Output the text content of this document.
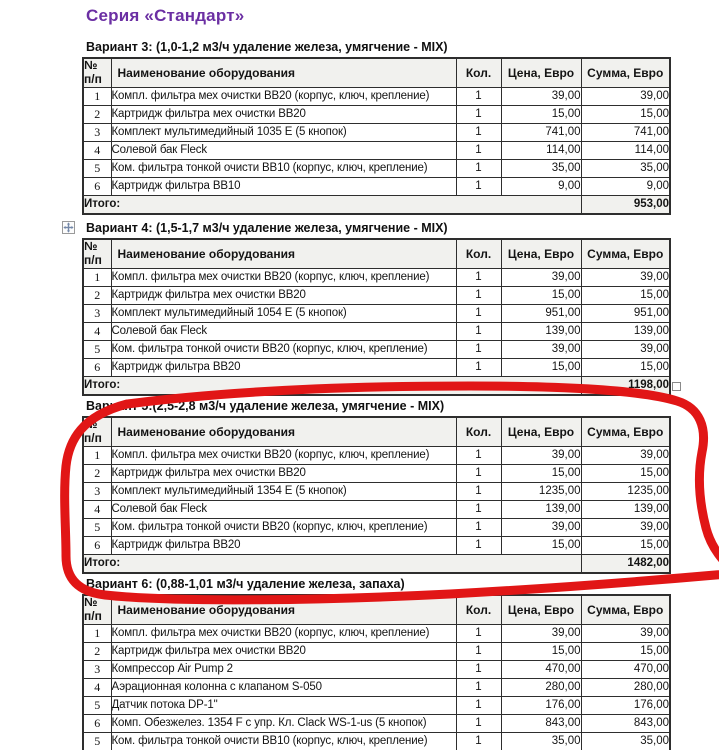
Серия «Стандарт»
Вариант 3: (1,0-1,2 м3/ч удаление железа, умягчение - MIX)
№
п/п	Наименование оборудования	Кол.	Цена, Евро	Сумма, Евро
1	Компл. фильтра мех очистки ВВ20 (корпус, ключ, крепление)	1	39,00	39,00
2	Картридж фильтра мех очистки ВВ20	1	15,00	15,00
3	Комплект мультимедийный 1035 Е (5 кнопок)	1	741,00	741,00
4	Солевой бак Fleck	1	114,00	114,00
5	Ком. фильтра тонкой очисти ВВ10 (корпус, ключ, крепление)	1	35,00	35,00
6	Картридж фильтра ВВ10	1	9,00	9,00
Итого:				953,00
Вариант 4: (1,5-1,7 м3/ч удаление железа, умягчение - MIX)
№
п/п	Наименование оборудования	Кол.	Цена, Евро	Сумма, Евро
1	Компл. фильтра мех очистки ВВ20 (корпус, ключ, крепление)	1	39,00	39,00
2	Картридж фильтра мех очистки ВВ20	1	15,00	15,00
3	Комплект мультимедийный 1054 Е (5 кнопок)	1	951,00	951,00
4	Солевой бак Fleck	1	139,00	139,00
5	Ком. фильтра тонкой очисти ВВ20 (корпус, ключ, крепление)	1	39,00	39,00
6	Картридж фильтра ВВ20	1	15,00	15,00
Итого:				1198,00
Вариант 5:(2,5-2,8 м3/ч удаление железа, умягчение - MIX)
№
п/п	Наименование оборудования	Кол.	Цена, Евро	Сумма, Евро
1	Компл. фильтра мех очистки ВВ20 (корпус, ключ, крепление)	1	39,00	39,00
2	Картридж фильтра мех очистки ВВ20	1	15,00	15,00
3	Комплект мультимедийный 1354 Е (5 кнопок)	1	1235,00	1235,00
4	Солевой бак Fleck	1	139,00	139,00
5	Ком. фильтра тонкой очисти ВВ20 (корпус, ключ, крепление)	1	39,00	39,00
6	Картридж фильтра ВВ20	1	15,00	15,00
Итого:				1482,00
Вариант 6: (0,88-1,01 м3/ч удаление железа, запаха)
№
п/п	Наименование оборудования	Кол.	Цена, Евро	Сумма, Евро
1	Компл. фильтра мех очистки ВВ20 (корпус, ключ, крепление)	1	39,00	39,00
2	Картридж фильтра мех очистки ВВ20	1	15,00	15,00
3	Компрессор Air Pump 2	1	470,00	470,00
4	Аэрационная колонна с клапаном S-050	1	280,00	280,00
5	Датчик потока DP-1"	1	176,00	176,00
6	Комп. Обезжелез. 1354 F с упр. Кл. Clack WS-1-us (5 кнопок)	1	843,00	843,00
5	Ком. фильтра тонкой очисти ВВ10 (корпус, ключ, крепление)	1	35,00	35,00
